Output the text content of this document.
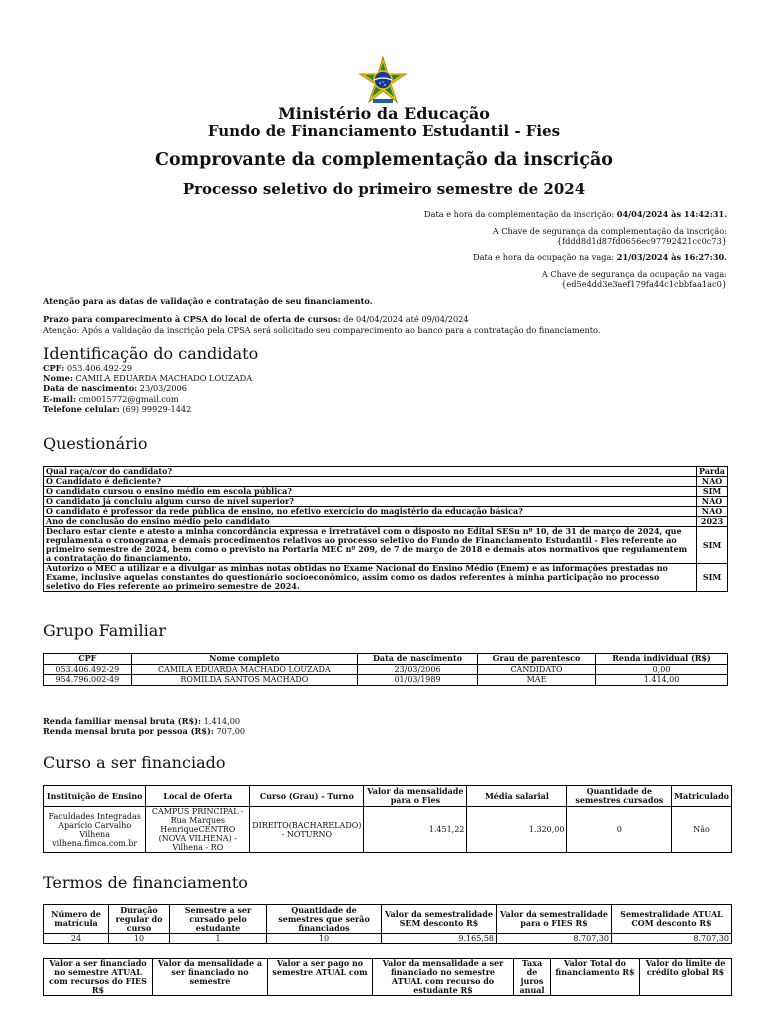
Ministério da Educação
Fundo de Financiamento Estudantil - Fies
Comprovante da complementação da inscrição
Processo seletivo do primeiro semestre de 2024
Data e hora da complementação da inscrição: 04/04/2024 às 14:42:31.
A Chave de segurança da complementação da inscrição:
{fddd8d1d87fd0656ec97792421cc0c73}
Data e hora da ocupação na vaga: 21/03/2024 às 16:27:30.
A Chave de segurança da ocupação na vaga:
{ed5e4dd3e3aef179fa44c1cbbfaa1ac0}
Atenção para as datas de validação e contratação de seu financiamento.
Prazo para comparecimento à CPSA do local de oferta de cursos: de 04/04/2024 até 09/04/2024
Atenção: Após a validação da inscrição pela CPSA será solicitado seu comparecimento ao banco para a contratação do financiamento.
Identificação do candidato
CPF: 053.406.492-29
Nome: CAMILA EDUARDA MACHADO LOUZADA
Data de nascimento: 23/03/2006
E-mail: cm0015772@gmail.com
Telefone celular: (69) 99929-1442
Questionário
Qual raça/cor do candidato?	Parda
O Candidato é deficiente?	NÃO
O candidato cursou o ensino médio em escola pública?	SIM
O candidato já concluiu algum curso de nível superior?	NÃO
O candidato é professor da rede pública de ensino, no efetivo exercício do magistério da educação básica?	NÃO
Ano de conclusão do ensino médio pelo candidato	2023
Declaro estar ciente e atesto a minha concordância expressa e irretratável com o disposto no Edital SESu nº 10, de 31 de março de 2024, que regulamenta o cronograma e demais procedimentos relativos ao processo seletivo do Fundo de Financiamento Estudantil - Fies referente ao primeiro semestre de 2024, bem como o previsto na Portaria MEC nº 209, de 7 de março de 2018 e demais atos normativos que regulamentem a contratação do financiamento.	SIM
Autorizo o MEC a utilizar e a divulgar as minhas notas obtidas no Exame Nacional do Ensino Médio (Enem) e as informações prestadas no Exame, inclusive aquelas constantes do questionário socioeconômico, assim como os dados referentes à minha participação no processo seletivo do Fies referente ao primeiro semestre de 2024.	SIM
Grupo Familiar
CPF	Nome completo	Data de nascimento	Grau de parentesco	Renda individual (R$)
053.406.492-29	CAMILA EDUARDA MACHADO LOUZADA	23/03/2006	CANDIDATO	0,00
954.796.002-49	ROMILDA SANTOS MACHADO	01/03/1989	MÃE	1.414,00
Renda familiar mensal bruta (R$): 1.414,00
Renda mensal bruta por pessoa (R$): 707,00
Curso a ser financiado
Instituição de Ensino	Local de Oferta	Curso (Grau) - Turno	Valor da mensalidade para o Fies	Média salarial	Quantidade de semestres cursados	Matriculado
Faculdades Integradas Aparício Carvalho Vilhena vilhena.fimca.com.br	CAMPUS PRINCIPAL - Rua Marques HenriqueCENTRO (NOVA VILHENA) - Vilhena - RO	DIREITO(BACHARELADO) - NOTURNO	1.451,22	1.320,00	0	Não
Termos de financiamento
Número de matrícula	Duração regular do curso	Semestre a ser cursado pelo estudante	Quantidade de semestres que serão financiados	Valor da semestralidade SEM desconto R$	Valor da semestralidade para o FIES R$	Semestralidade ATUAL COM desconto R$
24	10	1	10	9.165,58	8.707,30	8.707,30
Valor a ser financiado no semestre ATUAL com recursos do FIES R$	Valor da mensalidade a ser financiado no semestre	Valor a ser pago no semestre ATUAL com	Valor da mensalidade a ser financiado no semestre ATUAL com recurso do estudante R$	Taxa de juros anual	Valor Total do financiamento R$	Valor do limite de crédito global R$
